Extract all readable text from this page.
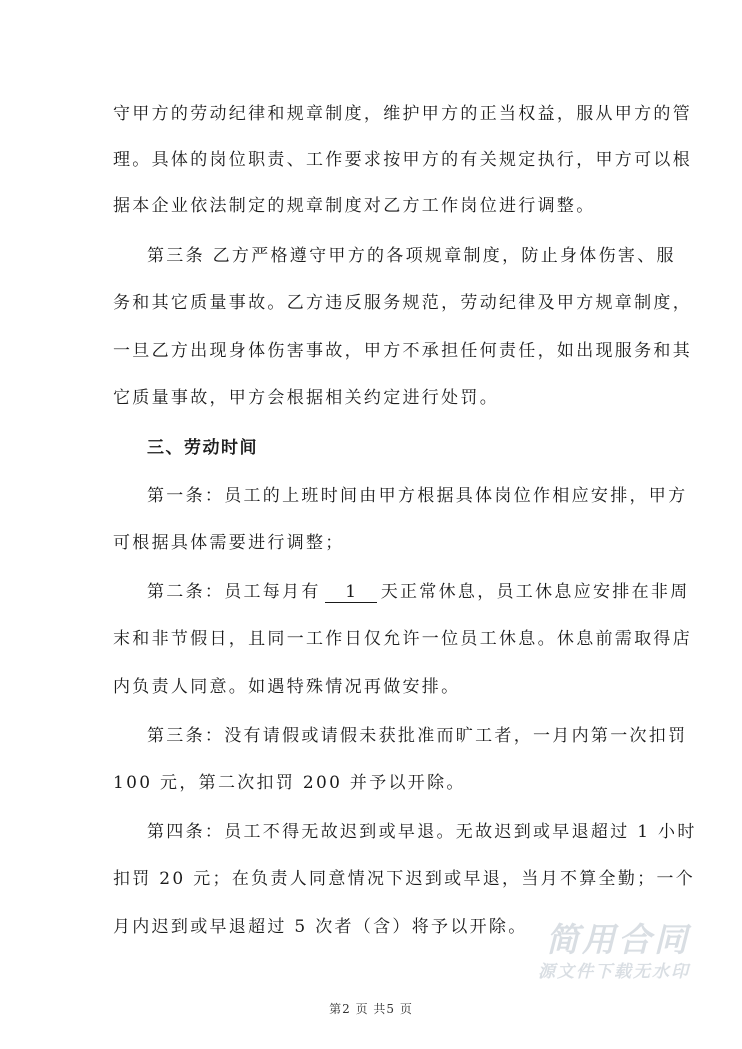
守甲方的劳动纪律和规章制度，维护甲方的正当权益，服从甲方的管
理。具体的岗位职责、工作要求按甲方的有关规定执行，甲方可以根
据本企业依法制定的规章制度对乙方工作岗位进行调整。
第三条 乙方严格遵守甲方的各项规章制度，防止身体伤害、服
务和其它质量事故。乙方违反服务规范，劳动纪律及甲方规章制度，
一旦乙方出现身体伤害事故，甲方不承担任何责任，如出现服务和其
它质量事故，甲方会根据相关约定进行处罚。
三、劳动时间
第一条：员工的上班时间由甲方根据具体岗位作相应安排，甲方
可根据具体需要进行调整；
第二条：员工每月有 1 天正常休息，员工休息应安排在非周
末和非节假日，且同一工作日仅允许一位员工休息。休息前需取得店
内负责人同意。如遇特殊情况再做安排。
第三条：没有请假或请假未获批准而旷工者，一月内第一次扣罚
100 元，第二次扣罚 200 并予以开除。
第四条：员工不得无故迟到或早退。无故迟到或早退超过 1 小时
扣罚 20 元；在负责人同意情况下迟到或早退，当月不算全勤；一个
月内迟到或早退超过 5 次者（含）将予以开除。 简用合同
源文件下载无水印
第2 页 共5 页
